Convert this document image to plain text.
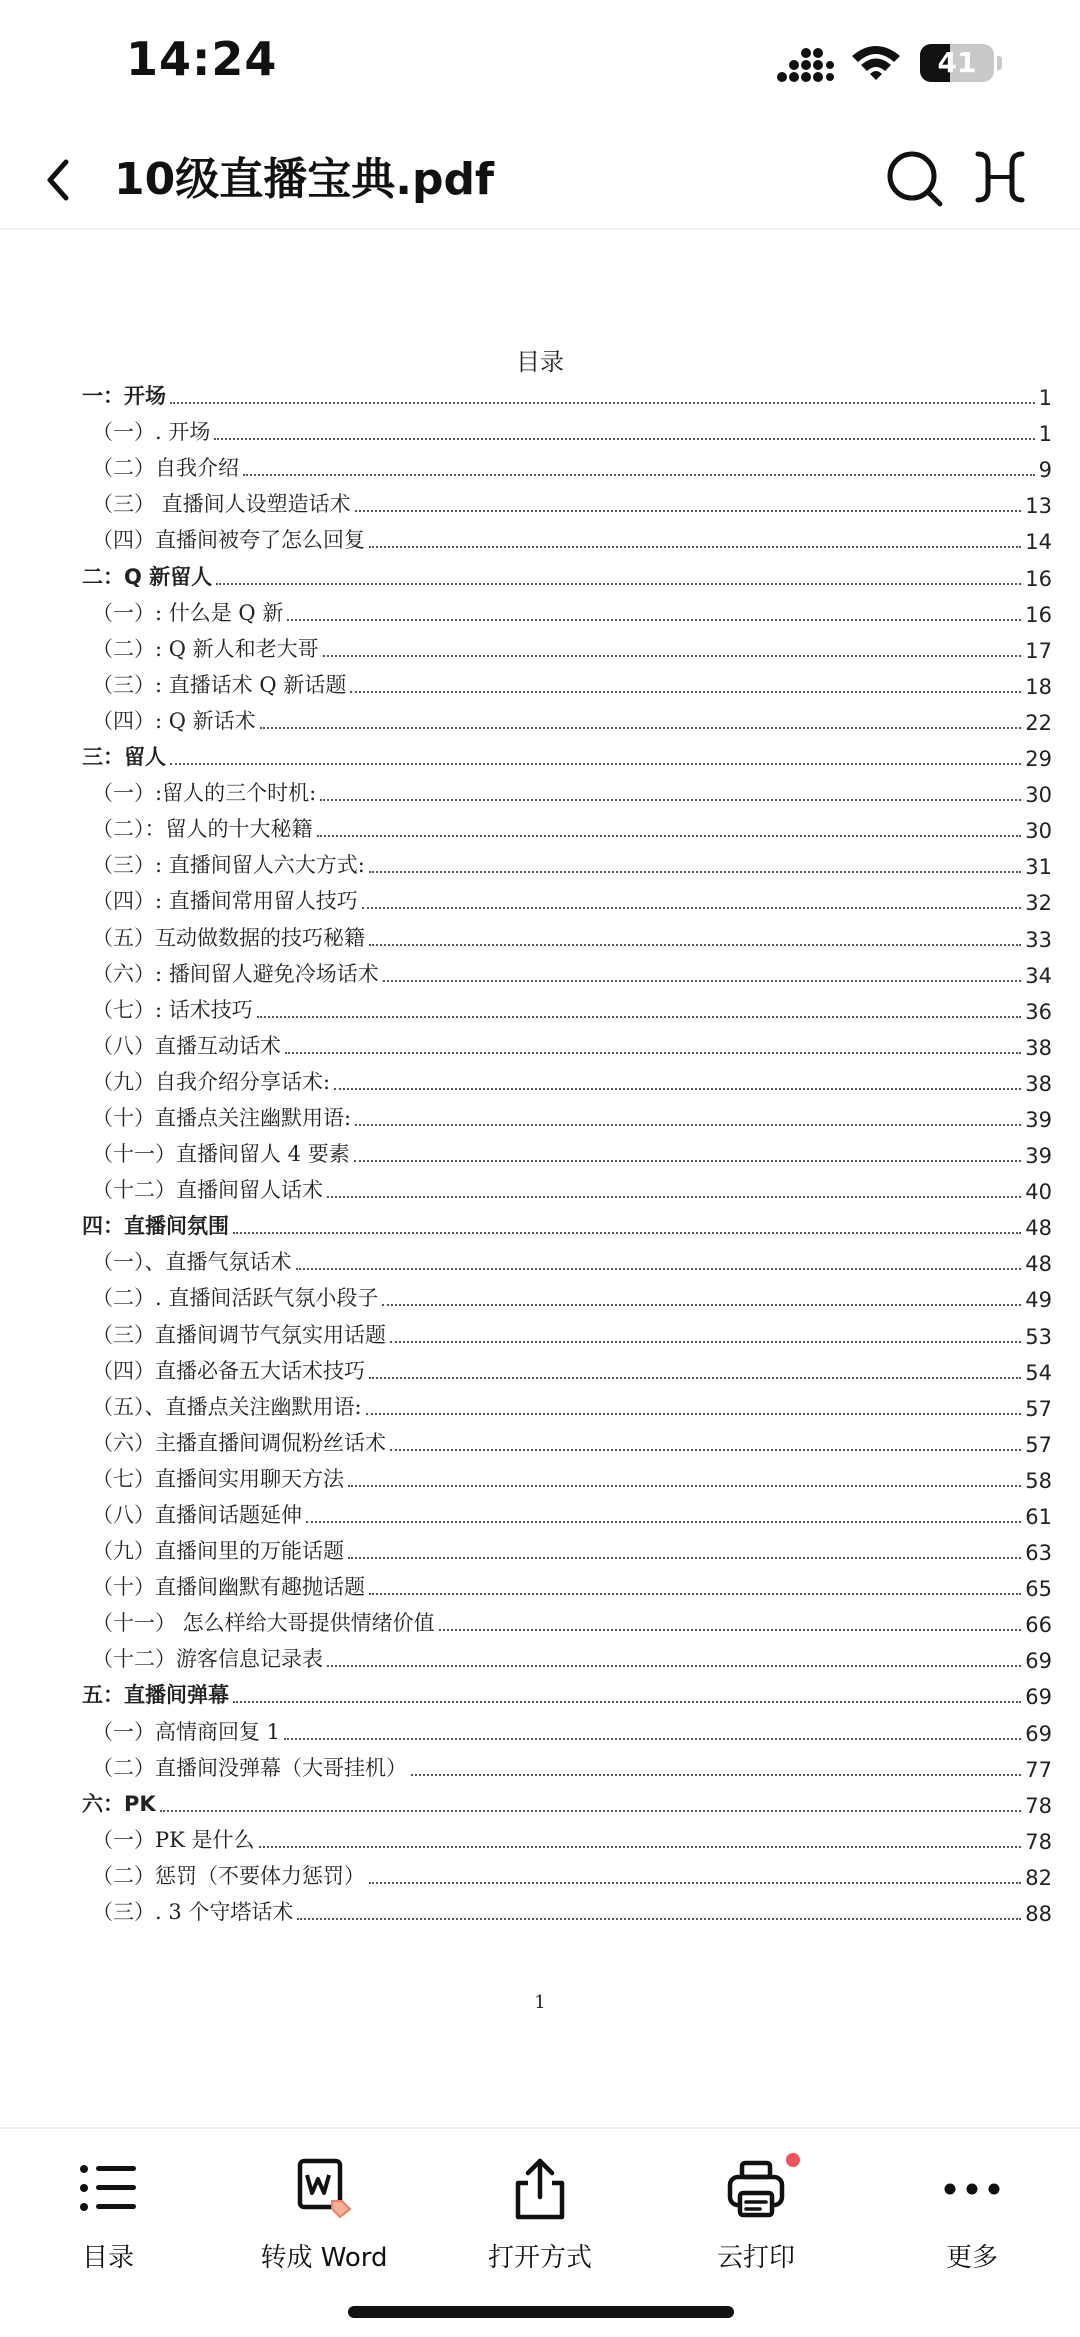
14:24	41
10级直播宝典.pdf
目录
一：开场	1
（一）. 开场	1
（二）自我介绍	9
（三） 直播间人设塑造话术	13
（四）直播间被夸了怎么回复	14
二：Q 新留人	16
（一）: 什么是 Q 新	16
（二）: Q 新人和老大哥	17
（三）: 直播话术 Q 新话题	18
（四）: Q 新话术	22
三：留人	29
（一）:留人的三个时机:	30
（二）：留人的十大秘籍	30
（三）: 直播间留人六大方式:	31
（四）: 直播间常用留人技巧	32
（五）互动做数据的技巧秘籍	33
（六）: 播间留人避免冷场话术	34
（七）: 话术技巧	36
（八）直播互动话术	38
（九）自我介绍分享话术:	38
（十）直播点关注幽默用语:	39
（十一）直播间留人 4 要素	39
（十二）直播间留人话术	40
四：直播间氛围	48
（一）、直播气氛话术	48
（二）. 直播间活跃气氛小段子	49
（三）直播间调节气氛实用话题	53
（四）直播必备五大话术技巧	54
（五）、直播点关注幽默用语:	57
（六）主播直播间调侃粉丝话术	57
（七）直播间实用聊天方法	58
（八）直播间话题延伸	61
（九）直播间里的万能话题	63
（十）直播间幽默有趣抛话题	65
（十一） 怎么样给大哥提供情绪价值	66
（十二）游客信息记录表	69
五：直播间弹幕	69
（一）高情商回复 1	69
（二）直播间没弹幕（大哥挂机）	77
六：PK	78
（一）PK 是什么	78
（二）惩罚（不要体力惩罚）	82
（三）. 3 个守塔话术	88
1
目录	转成 Word	打开方式	云打印	更多
